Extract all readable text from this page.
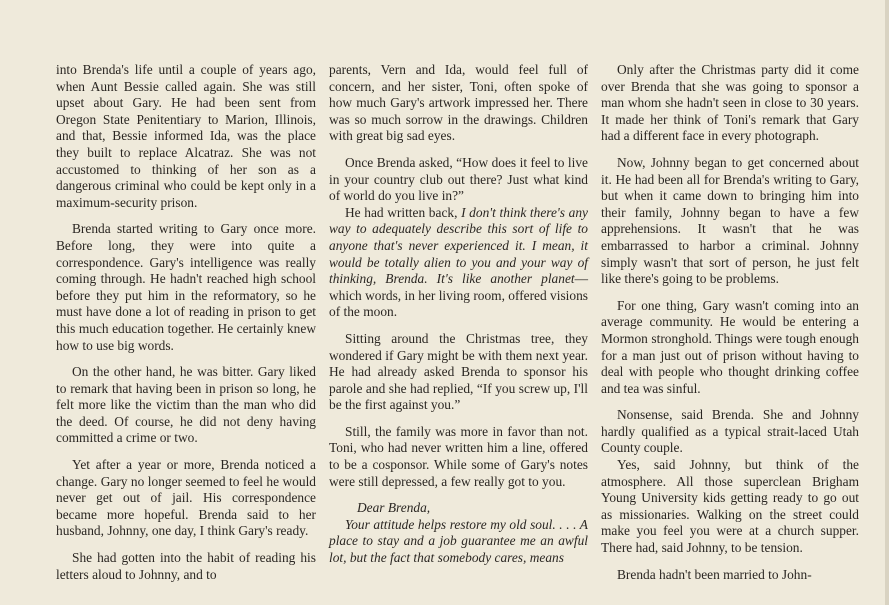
into Brenda's life until a couple of years ago, when Aunt Bessie called again. She was still upset about Gary. He had been sent from Oregon State Penitentiary to Marion, Illinois, and that, Bessie informed Ida, was the place they built to replace Alcatraz. She was not accustomed to thinking of her son as a dangerous criminal who could be kept only in a maximum-security prison.

Brenda started writing to Gary once more. Before long, they were into quite a correspondence. Gary's intelligence was really coming through. He hadn't reached high school before they put him in the reformatory, so he must have done a lot of reading in prison to get this much education together. He certainly knew how to use big words.

On the other hand, he was bitter. Gary liked to remark that having been in prison so long, he felt more like the victim than the man who did the deed. Of course, he did not deny having committed a crime or two.

Yet after a year or more, Brenda noticed a change. Gary no longer seemed to feel he would never get out of jail. His correspondence became more hopeful. Brenda said to her husband, Johnny, one day, I think Gary's ready.

She had gotten into the habit of reading his letters aloud to Johnny, and to

parents, Vern and Ida, would feel full of concern, and her sister, Toni, often spoke of how much Gary's artwork impressed her. There was so much sorrow in the drawings. Children with great big sad eyes.

Once Brenda asked, “How does it feel to live in your country club out there? Just what kind of world do you live in?”

He had written back, I don't think there's any way to adequately describe this sort of life to anyone that's never experienced it. I mean, it would be totally alien to you and your way of thinking, Brenda. It's like another planet—which words, in her living room, offered visions of the moon.

Sitting around the Christmas tree, they wondered if Gary might be with them next year. He had already asked Brenda to sponsor his parole and she had replied, “If you screw up, I'll be the first against you.”

Still, the family was more in favor than not. Toni, who had never written him a line, offered to be a cosponsor. While some of Gary's notes were still depressed, a few really got to you.

Dear Brenda,

Your attitude helps restore my old soul. . . . A place to stay and a job guarantee me an awful lot, but the fact that somebody cares, means

Only after the Christmas party did it come over Brenda that she was going to sponsor a man whom she hadn't seen in close to 30 years. It made her think of Toni's remark that Gary had a different face in every photograph.

Now, Johnny began to get concerned about it. He had been all for Brenda's writing to Gary, but when it came down to bringing him into their family, Johnny began to have a few apprehensions. It wasn't that he was embarrassed to harbor a criminal. Johnny simply wasn't that sort of person, he just felt like there's going to be problems.

For one thing, Gary wasn't coming into an average community. He would be entering a Mormon stronghold. Things were tough enough for a man just out of prison without having to deal with people who thought drinking coffee and tea was sinful.

Nonsense, said Brenda. She and Johnny hardly qualified as a typical strait-laced Utah County couple.

Yes, said Johnny, but think of the atmosphere. All those superclean Brigham Young University kids getting ready to go out as missionaries. Walking on the street could make you feel you were at a church supper. There had, said Johnny, to be tension.

Brenda hadn't been married to John-
